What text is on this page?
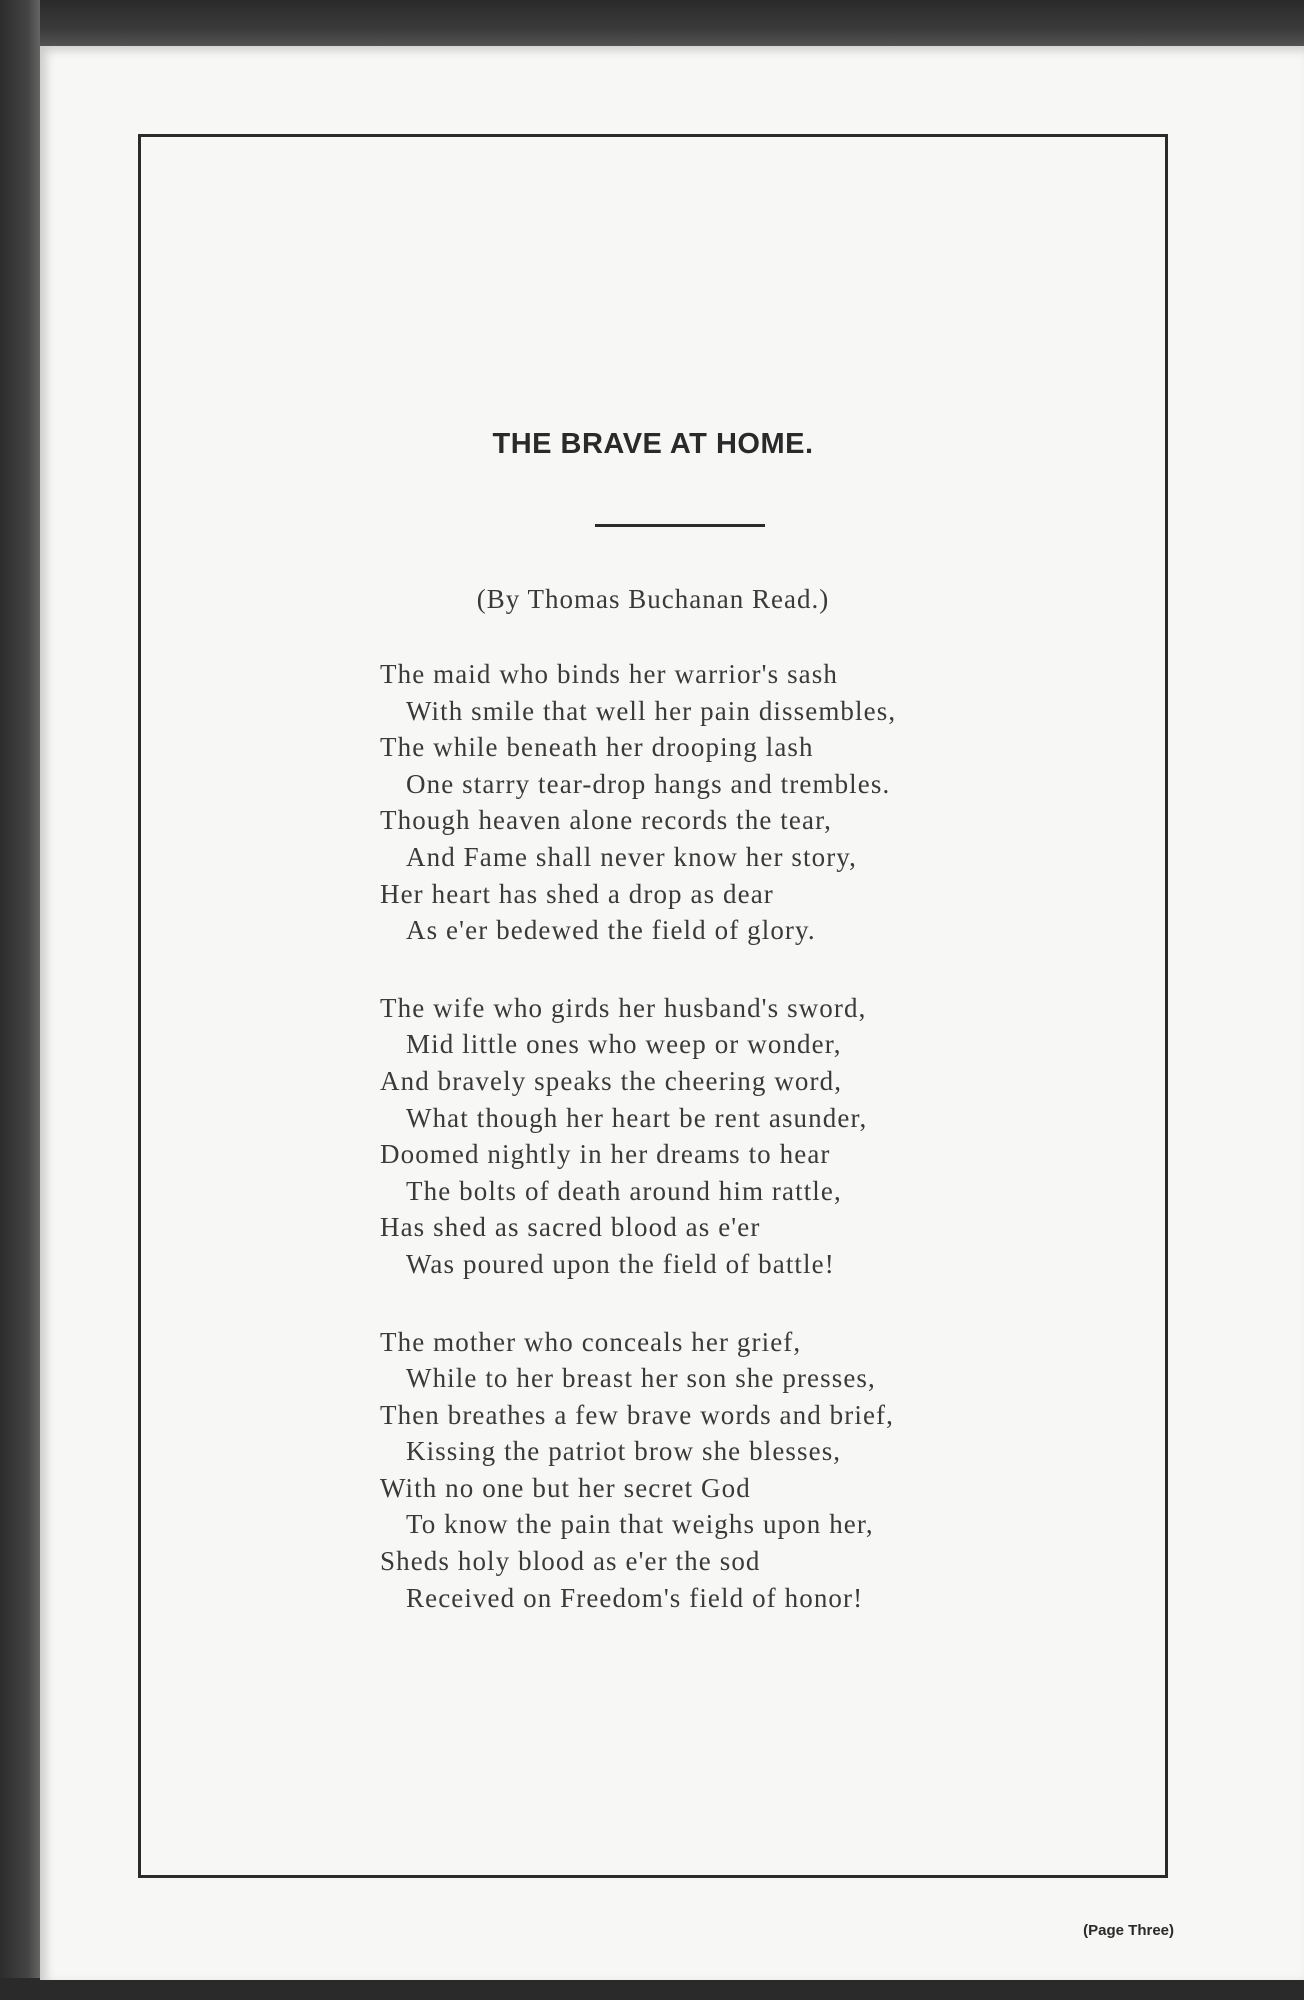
THE BRAVE AT HOME.
(By Thomas Buchanan Read.)
The maid who binds her warrior's sash
With smile that well her pain dissembles,
The while beneath her drooping lash
One starry tear-drop hangs and trembles.
Though heaven alone records the tear,
And Fame shall never know her story,
Her heart has shed a drop as dear
As e'er bedewed the field of glory.
The wife who girds her husband's sword,
Mid little ones who weep or wonder,
And bravely speaks the cheering word,
What though her heart be rent asunder,
Doomed nightly in her dreams to hear
The bolts of death around him rattle,
Has shed as sacred blood as e'er
Was poured upon the field of battle!
The mother who conceals her grief,
While to her breast her son she presses,
Then breathes a few brave words and brief,
Kissing the patriot brow she blesses,
With no one but her secret God
To know the pain that weighs upon her,
Sheds holy blood as e'er the sod
Received on Freedom's field of honor!
(Page Three)
